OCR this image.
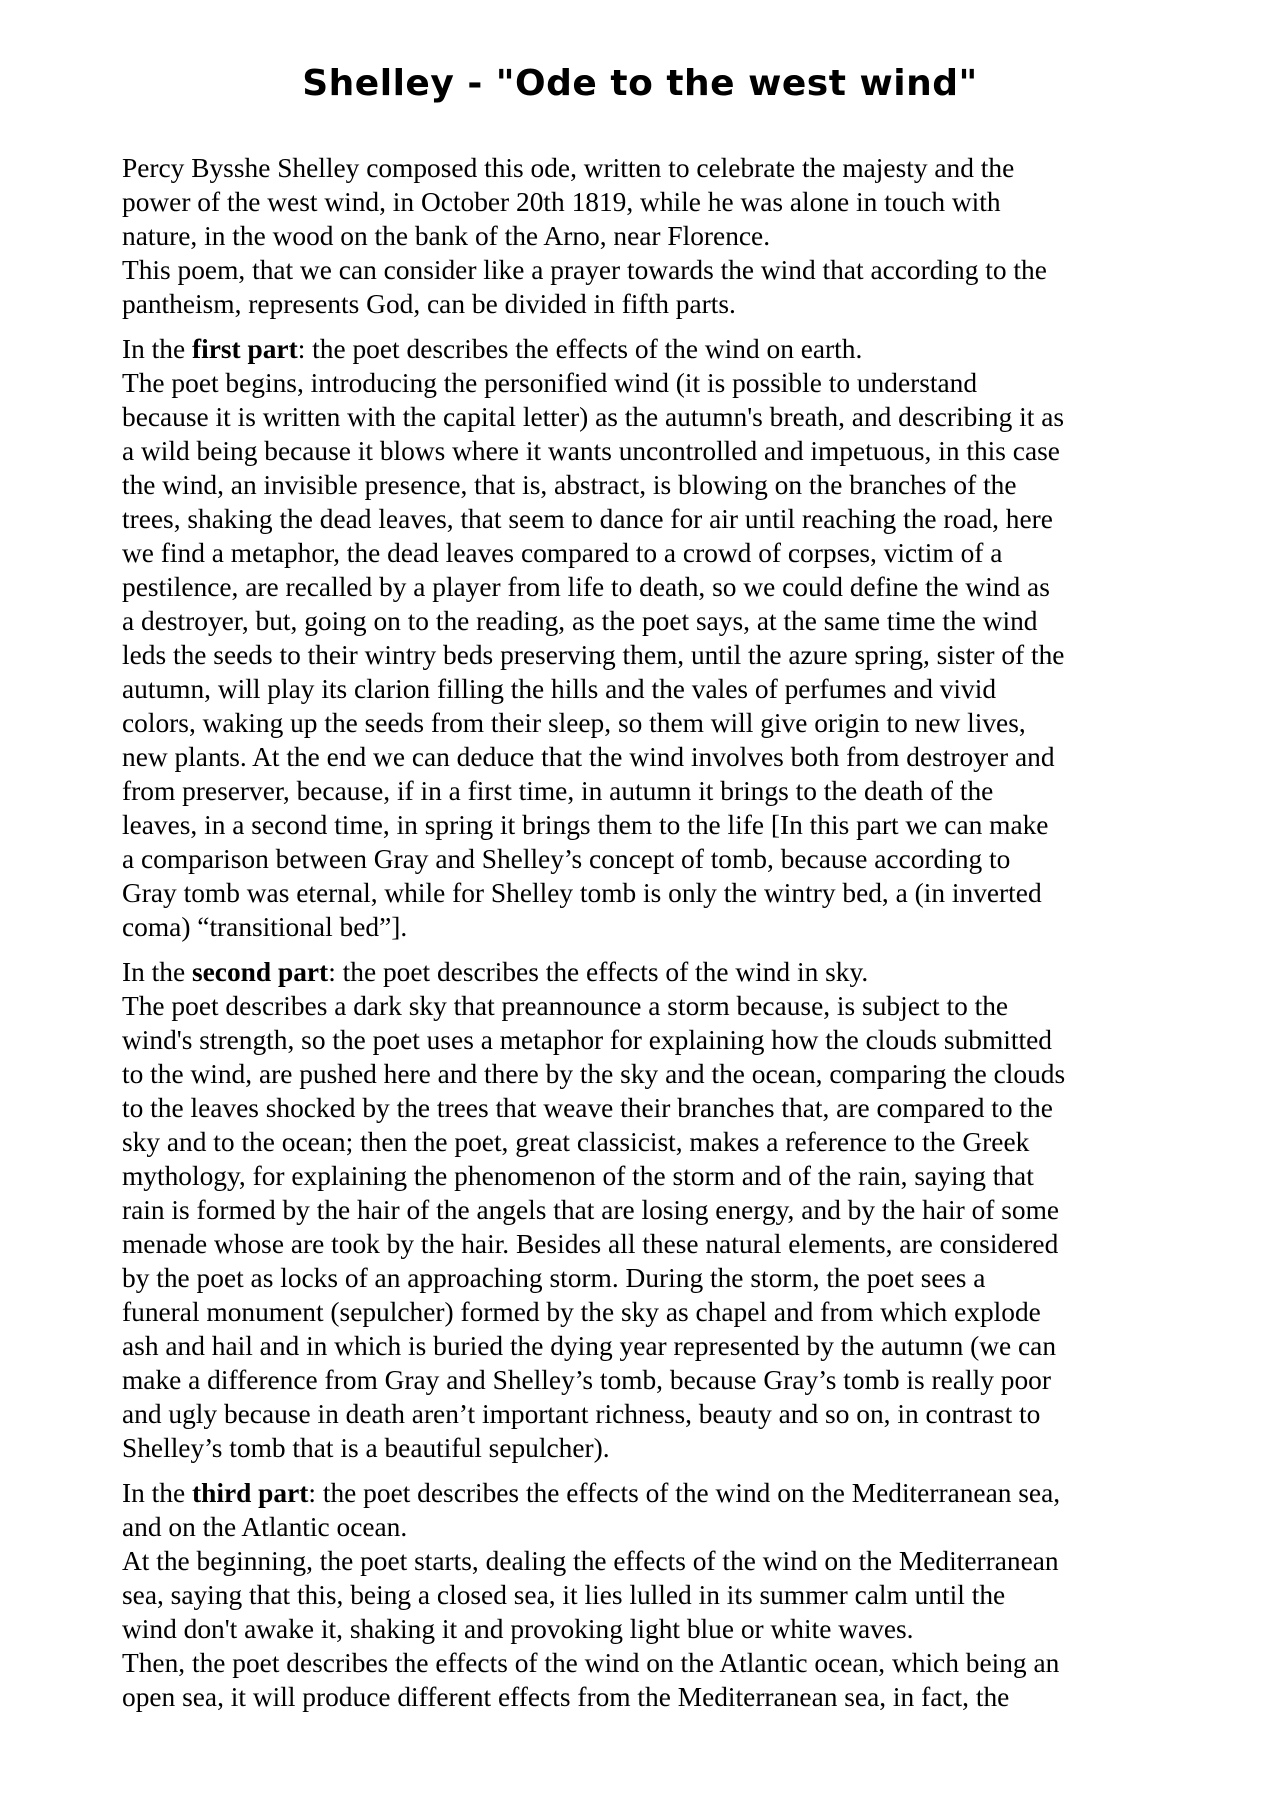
Shelley - "Ode to the west wind"

Percy Bysshe Shelley composed this ode, written to celebrate the majesty and the
power of the west wind, in October 20th 1819, while he was alone in touch with
nature, in the wood on the bank of the Arno, near Florence.
This poem, that we can consider like a prayer towards the wind that according to the
pantheism, represents God, can be divided in fifth parts.

In the first part: the poet describes the effects of the wind on earth.
The poet begins, introducing the personified wind (it is possible to understand
because it is written with the capital letter) as the autumn's breath, and describing it as
a wild being because it blows where it wants uncontrolled and impetuous, in this case
the wind, an invisible presence, that is, abstract, is blowing on the branches of the
trees, shaking the dead leaves, that seem to dance for air until reaching the road, here
we find a metaphor, the dead leaves compared to a crowd of corpses, victim of a
pestilence, are recalled by a player from life to death, so we could define the wind as
a destroyer, but, going on to the reading, as the poet says, at the same time the wind
leds the seeds to their wintry beds preserving them, until the azure spring, sister of the
autumn, will play its clarion filling the hills and the vales of perfumes and vivid
colors, waking up the seeds from their sleep, so them will give origin to new lives,
new plants. At the end we can deduce that the wind involves both from destroyer and
from preserver, because, if in a first time, in autumn it brings to the death of the
leaves, in a second time, in spring it brings them to the life [In this part we can make
a comparison between Gray and Shelley’s concept of tomb, because according to
Gray tomb was eternal, while for Shelley tomb is only the wintry bed, a (in inverted
coma) “transitional bed”].

In the second part: the poet describes the effects of the wind in sky.
The poet describes a dark sky that preannounce a storm because, is subject to the
wind's strength, so the poet uses a metaphor for explaining how the clouds submitted
to the wind, are pushed here and there by the sky and the ocean, comparing the clouds
to the leaves shocked by the trees that weave their branches that, are compared to the
sky and to the ocean; then the poet, great classicist, makes a reference to the Greek
mythology, for explaining the phenomenon of the storm and of the rain, saying that
rain is formed by the hair of the angels that are losing energy, and by the hair of some
menade whose are took by the hair. Besides all these natural elements, are considered
by the poet as locks of an approaching storm. During the storm, the poet sees a
funeral monument (sepulcher) formed by the sky as chapel and from which explode
ash and hail and in which is buried the dying year represented by the autumn (we can
make a difference from Gray and Shelley’s tomb, because Gray’s tomb is really poor
and ugly because in death aren’t important richness, beauty and so on, in contrast to
Shelley’s tomb that is a beautiful sepulcher).

In the third part: the poet describes the effects of the wind on the Mediterranean sea,
and on the Atlantic ocean.
At the beginning, the poet starts, dealing the effects of the wind on the Mediterranean
sea, saying that this, being a closed sea, it lies lulled in its summer calm until the
wind don't awake it, shaking it and provoking light blue or white waves.
Then, the poet describes the effects of the wind on the Atlantic ocean, which being an
open sea, it will produce different effects from the Mediterranean sea, in fact, the
